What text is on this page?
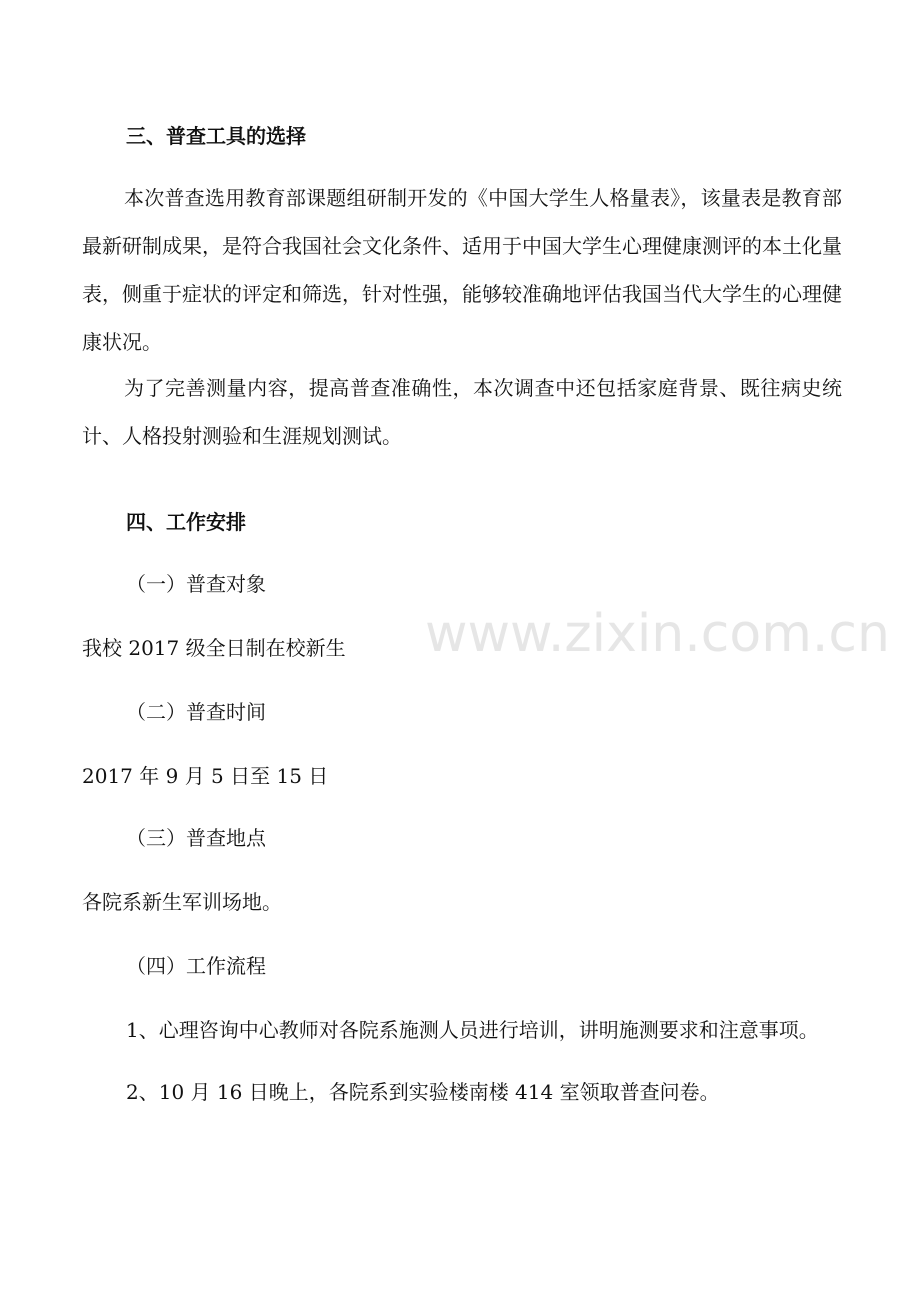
www.zixin.com.cn

三、普查工具的选择

本次普查选用教育部课题组研制开发的《中国大学生人格量表》，该量表是教育部最新研制成果，是符合我国社会文化条件、适用于中国大学生心理健康测评的本土化量表，侧重于症状的评定和筛选，针对性强，能够较准确地评估我国当代大学生的心理健康状况。

为了完善测量内容，提高普查准确性，本次调查中还包括家庭背景、既往病史统计、人格投射测验和生涯规划测试。

四、工作安排

（一）普查对象

我校 2017 级全日制在校新生

（二）普查时间

2017 年 9 月 5 日至 15 日

（三）普查地点

各院系新生军训场地。

（四）工作流程

1、心理咨询中心教师对各院系施测人员进行培训，讲明施测要求和注意事项。

2、10 月 16 日晚上，各院系到实验楼南楼 414 室领取普查问卷。
